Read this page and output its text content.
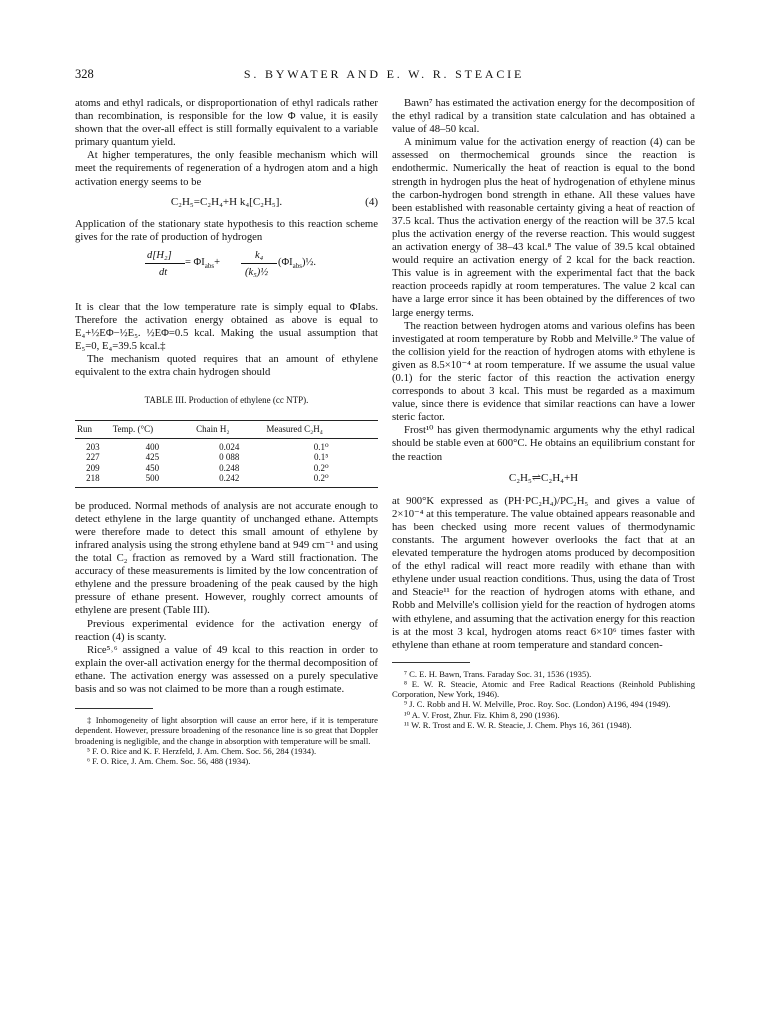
328	S. BYWATER AND E. W. R. STEACIE

atoms and ethyl radicals, or disproportionation of ethyl radicals rather than recombination, is responsible for the low Φ value, it is easily shown that the over-all effect is still formally equivalent to a variable primary quantum yield.

At higher temperatures, the only feasible mechanism which will meet the requirements of regeneration of a hydrogen atom and a high activation energy seems to be

C₂H₅=C₂H₄+H k₄[C₂H₅].	(4)

Application of the stationary state hypothesis to this reaction scheme gives for the rate of production of hydrogen

d[H₂]
dt
= $\Phi I_{abs}+$
k₄
(k₅)½
$(\Phi I_{abs})\frac{1}{2}$.

It is clear that the low temperature rate is simply equal to ΦIabs. Therefore the activation energy obtained as above is equal to E₄+½EΦ−½E₅. ½EΦ=0.5 kcal. Making the usual assumption that E₅=0, E₄=39.5 kcal.‡

The mechanism quoted requires that an amount of ethylene equivalent to the extra chain hydrogen should

TABLE III. Production of ethylene (cc NTP).
Run	Temp. (°C)	Chain H₂	Measured C₂H₄
203	400	0.024	0.1⁰
227	425	0 088	0.1⁵
209	450	0.248	0.2⁰
218	500	0.242	0.2⁰

be produced. Normal methods of analysis are not accurate enough to detect ethylene in the large quantity of unchanged ethane. Attempts were therefore made to detect this small amount of ethylene by infrared analysis using the strong ethylene band at 949 cm⁻¹ and using the total C₂ fraction as removed by a Ward still fractionation. The accuracy of these measurements is limited by the low concentration of ethylene and the pressure broadening of the peak caused by the high pressure of ethane present. However, roughly correct amounts of ethylene are present (Table III).

Previous experimental evidence for the activation energy of reaction (4) is scanty.

Rice⁵˒⁶ assigned a value of 49 kcal to this reaction in order to explain the over-all activation energy for the thermal decomposition of ethane. The activation energy was assessed on a purely speculative basis and so was not claimed to be more than a rough estimate.

‡ Inhomogeneity of light absorption will cause an error here, if it is temperature dependent. However, pressure broadening of the resonance line is so great that Doppler broadening is negligible, and the change in absorption with temperature will be small.

⁵ F. O. Rice and K. F. Herzfeld, J. Am. Chem. Soc. 56, 284 (1934).

⁶ F. O. Rice, J. Am. Chem. Soc. 56, 488 (1934).

Bawn⁷ has estimated the activation energy for the decomposition of the ethyl radical by a transition state calculation and has obtained a value of 48–50 kcal.

A minimum value for the activation energy of reaction (4) can be assessed on thermochemical grounds since the reaction is endothermic. Numerically the heat of reaction is equal to the bond strength in hydrogen plus the heat of hydrogenation of ethylene minus the carbon-hydrogen bond strength in ethane. All these values have been established with reasonable certainty giving a heat of reaction of 37.5 kcal. Thus the activation energy of the reaction will be 37.5 kcal plus the activation energy of the reverse reaction. This would suggest an activation energy of 38–43 kcal.⁸ The value of 39.5 kcal obtained would require an activation energy of 2 kcal for the back reaction. This value is in agreement with the experimental fact that the back reaction proceeds rapidly at room temperatures. The value 2 kcal can have a large error since it has been obtained by the differences of two large energy terms.

The reaction between hydrogen atoms and various olefins has been investigated at room temperature by Robb and Melville.⁹ The value of the collision yield for the reaction of hydrogen atoms with ethylene is given as 8.5×10⁻⁴ at room temperature. If we assume the usual value (0.1) for the steric factor of this reaction the activation energy corresponds to about 3 kcal. This must be regarded as a maximum value, since there is evidence that similar reactions can have a lower steric factor.

Frost¹⁰ has given thermodynamic arguments why the ethyl radical should be stable even at 600°C. He obtains an equilibrium constant for the reaction

C₂H₅⇌C₂H₄+H

at 900°K expressed as (PH·PC₂H₄)/PC₂H₅ and gives a value of 2×10⁻⁴ at this temperature. The value obtained appears reasonable and has been checked using more recent values of thermodynamic constants. The argument however overlooks the fact that at an elevated temperature the hydrogen atoms produced by decomposition of the ethyl radical will react more readily with ethane than with ethylene under usual reaction conditions. Thus, using the data of Trost and Steacie¹¹ for the reaction of hydrogen atoms with ethane, and Robb and Melville's collision yield for the reaction of hydrogen atoms with ethylene, and assuming that the activation energy for this reaction is at the most 3 kcal, hydrogen atoms react 6×10⁶ times faster with ethylene than ethane at room temperature and standard concen-

⁷ C. E. H. Bawn, Trans. Faraday Soc. 31, 1536 (1935).

⁸ E. W. R. Steacie, Atomic and Free Radical Reactions (Reinhold Publishing Corporation, New York, 1946).

⁹ J. C. Robb and H. W. Melville, Proc. Roy. Soc. (London) A196, 494 (1949).

¹⁰ A. V. Frost, Zhur. Fiz. Khim 8, 290 (1936).

¹¹ W. R. Trost and E. W. R. Steacie, J. Chem. Phys 16, 361 (1948).
